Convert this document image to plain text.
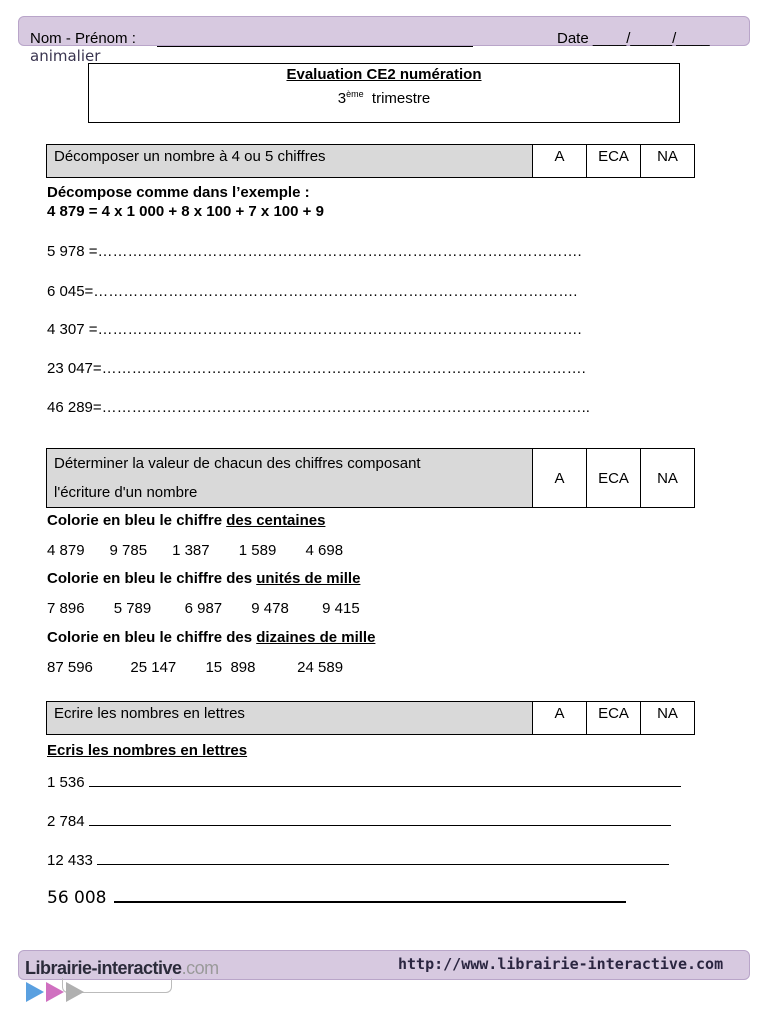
Nom - Prénom :	Date ____/_____/____
animalier
Evaluation CE2 numération
3ème trimestre
Décomposer un nombre à 4 ou 5 chiffres	A	ECA	NA
Décompose comme dans l’exemple :
4 879 = 4 x 1 000 + 8 x 100 + 7 x 100 + 9
5 978 =…………………………………………………………………………………….
6 045=…………………………………………………………………………………….
4 307 =…………………………………………………………………………………….
23 047=…………………………………………………………………………………….
46 289=……………………………………………………………………………………..
Déterminer la valeur de chacun des chiffres composant
l'écriture d'un nombre
	A	ECA	NA
Colorie en bleu le chiffre des centaines
4 879      9 785      1 387       1 589       4 698
Colorie en bleu le chiffre des unités de mille
7 896       5 789        6 987       9 478        9 415
Colorie en bleu le chiffre des dizaines de mille
87 596         25 147       15  898          24 589
Ecrire les nombres en lettres	A	ECA	NA
Ecris les nombres en lettres
1 536
2 784
12 433
56 008
Librairie-interactive.com	http://www.librairie-interactive.com
